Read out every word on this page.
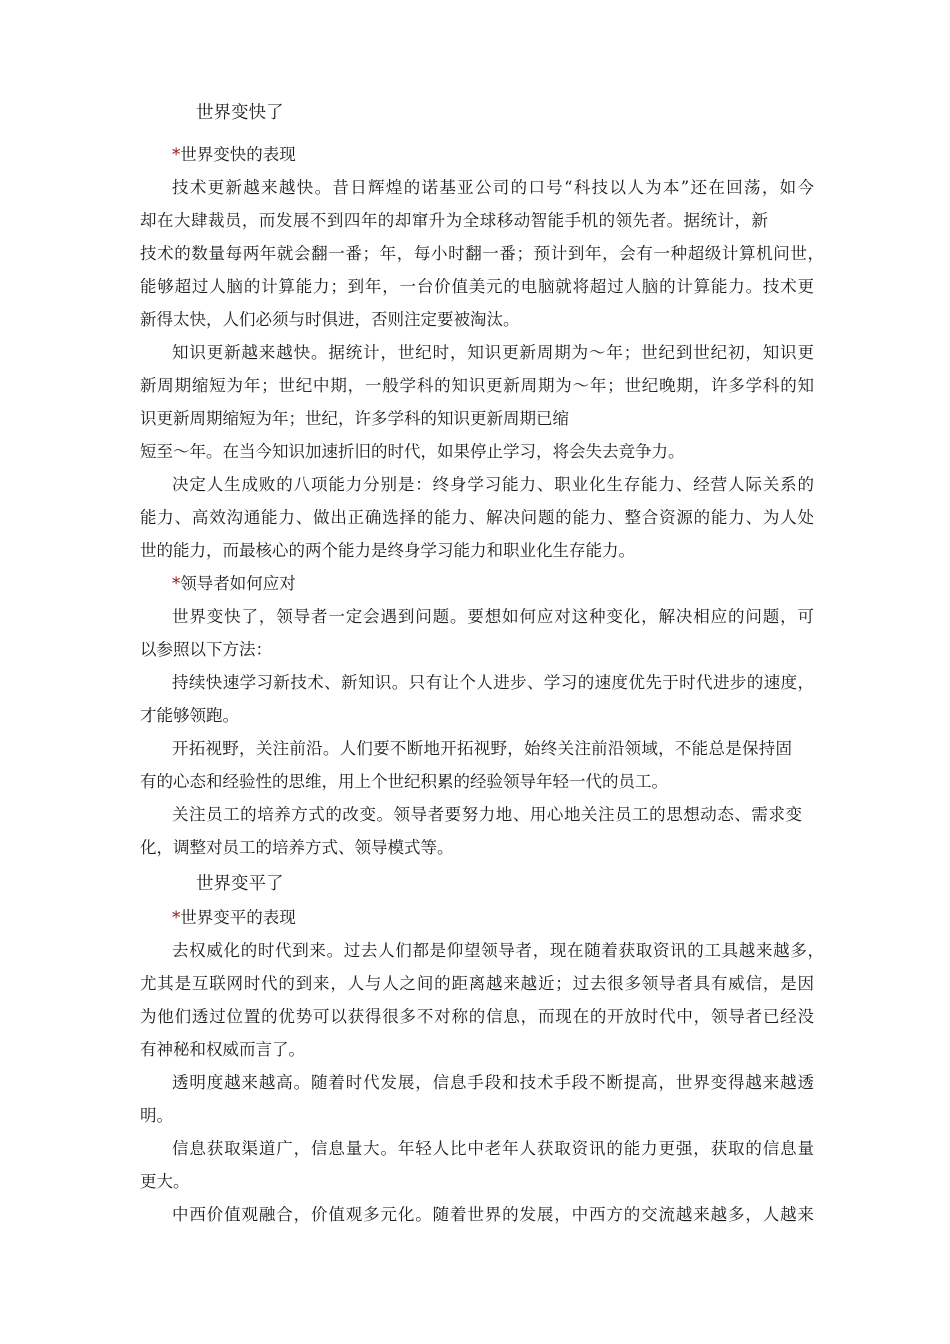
世界变快了
*世界变快的表现
技术更新越来越快。昔日辉煌的诺基亚公司的口号“科技以人为本”还在回荡，如今
却在大肆裁员，而发展不到四年的却窜升为全球移动智能手机的领先者。据统计，新
技术的数量每两年就会翻一番；年，每小时翻一番；预计到年，会有一种超级计算机问世，
能够超过人脑的计算能力；到年，一台价值美元的电脑就将超过人脑的计算能力。技术更
新得太快，人们必须与时俱进，否则注定要被淘汰。
知识更新越来越快。据统计，世纪时，知识更新周期为～年；世纪到世纪初，知识更
新周期缩短为年；世纪中期，一般学科的知识更新周期为～年；世纪晚期，许多学科的知
识更新周期缩短为年；世纪，许多学科的知识更新周期已缩
短至～年。在当今知识加速折旧的时代，如果停止学习，将会失去竞争力。
决定人生成败的八项能力分别是：终身学习能力、职业化生存能力、经营人际关系的
能力、高效沟通能力、做出正确选择的能力、解决问题的能力、整合资源的能力、为人处
世的能力，而最核心的两个能力是终身学习能力和职业化生存能力。
*领导者如何应对
世界变快了，领导者一定会遇到问题。要想如何应对这种变化，解决相应的问题，可
以参照以下方法：
持续快速学习新技术、新知识。只有让个人进步、学习的速度优先于时代进步的速度，
才能够领跑。
开拓视野，关注前沿。人们要不断地开拓视野，始终关注前沿领域，不能总是保持固
有的心态和经验性的思维，用上个世纪积累的经验领导年轻一代的员工。
关注员工的培养方式的改变。领导者要努力地、用心地关注员工的思想动态、需求变
化，调整对员工的培养方式、领导模式等。
世界变平了
*世界变平的表现
去权威化的时代到来。过去人们都是仰望领导者，现在随着获取资讯的工具越来越多，
尤其是互联网时代的到来，人与人之间的距离越来越近；过去很多领导者具有威信，是因
为他们透过位置的优势可以获得很多不对称的信息，而现在的开放时代中，领导者已经没
有神秘和权威而言了。
透明度越来越高。随着时代发展，信息手段和技术手段不断提高，世界变得越来越透
明。
信息获取渠道广，信息量大。年轻人比中老年人获取资讯的能力更强，获取的信息量
更大。
中西价值观融合，价值观多元化。随着世界的发展，中西方的交流越来越多，人越来
